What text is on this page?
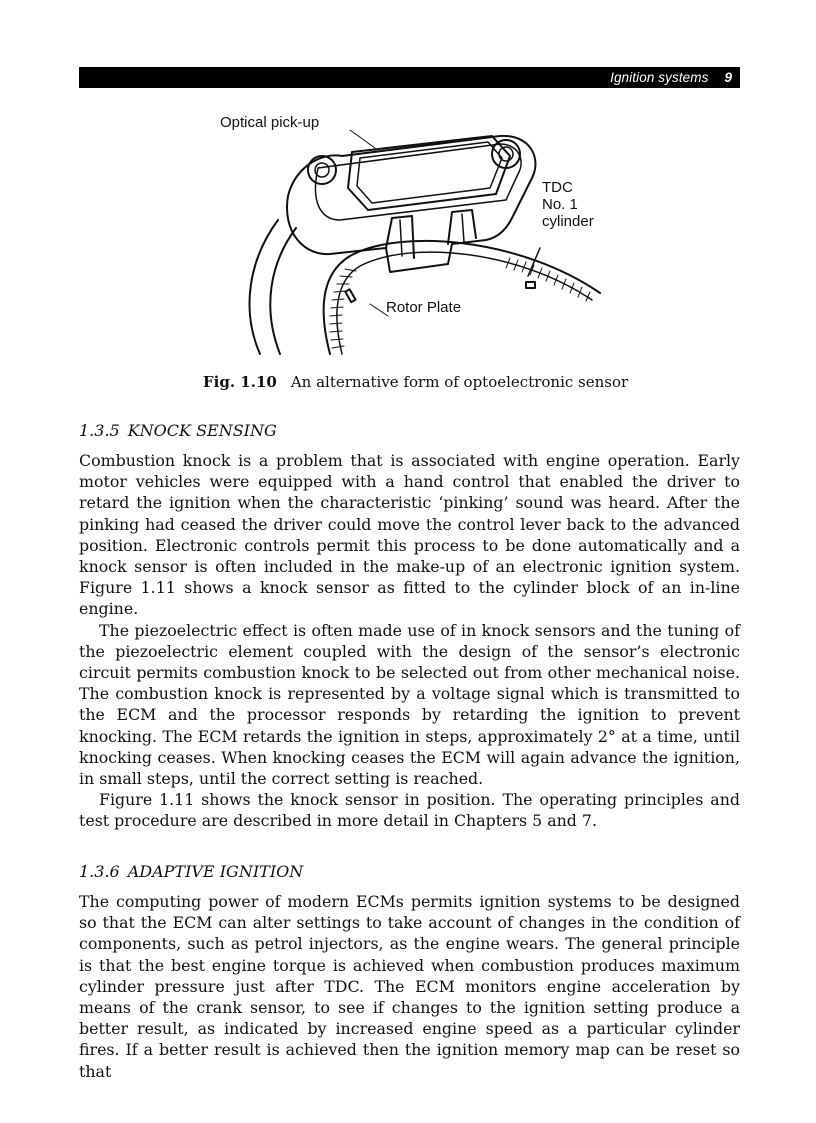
Ignition systems 9
Optical pick-up
TDC
No. 1
cylinder
Rotor Plate
Fig. 1.10 An alternative form of optoelectronic sensor
1.3.5 KNOCK SENSING

Combustion knock is a problem that is associated with engine operation. Early motor vehicles were equipped with a hand control that enabled the driver to retard the ignition when the characteristic ‘pinking’ sound was heard. After the pinking had ceased the driver could move the control lever back to the advanced position. Electronic controls permit this process to be done automatically and a knock sensor is often included in the make-up of an electronic ignition system. Figure 1.11 shows a knock sensor as fitted to the cylinder block of an in-line engine.

The piezoelectric effect is often made use of in knock sensors and the tuning of the piezoelectric element coupled with the design of the sensor’s electronic circuit permits combustion knock to be selected out from other mechanical noise. The combustion knock is represented by a voltage signal which is transmitted to the ECM and the processor responds by retarding the ignition to prevent knocking. The ECM retards the ignition in steps, approximately 2° at a time, until knocking ceases. When knocking ceases the ECM will again advance the ignition, in small steps, until the correct setting is reached.

Figure 1.11 shows the knock sensor in position. The operating principles and test procedure are described in more detail in Chapters 5 and 7.

1.3.6 ADAPTIVE IGNITION

The computing power of modern ECMs permits ignition systems to be designed so that the ECM can alter settings to take account of changes in the condition of components, such as petrol injectors, as the engine wears. The general principle is that the best engine torque is achieved when combustion produces maximum cylinder pressure just after TDC. The ECM monitors engine acceleration by means of the crank sensor, to see if changes to the ignition setting produce a better result, as indicated by increased engine speed as a particular cylinder fires. If a better result is achieved then the ignition memory map can be reset so that
